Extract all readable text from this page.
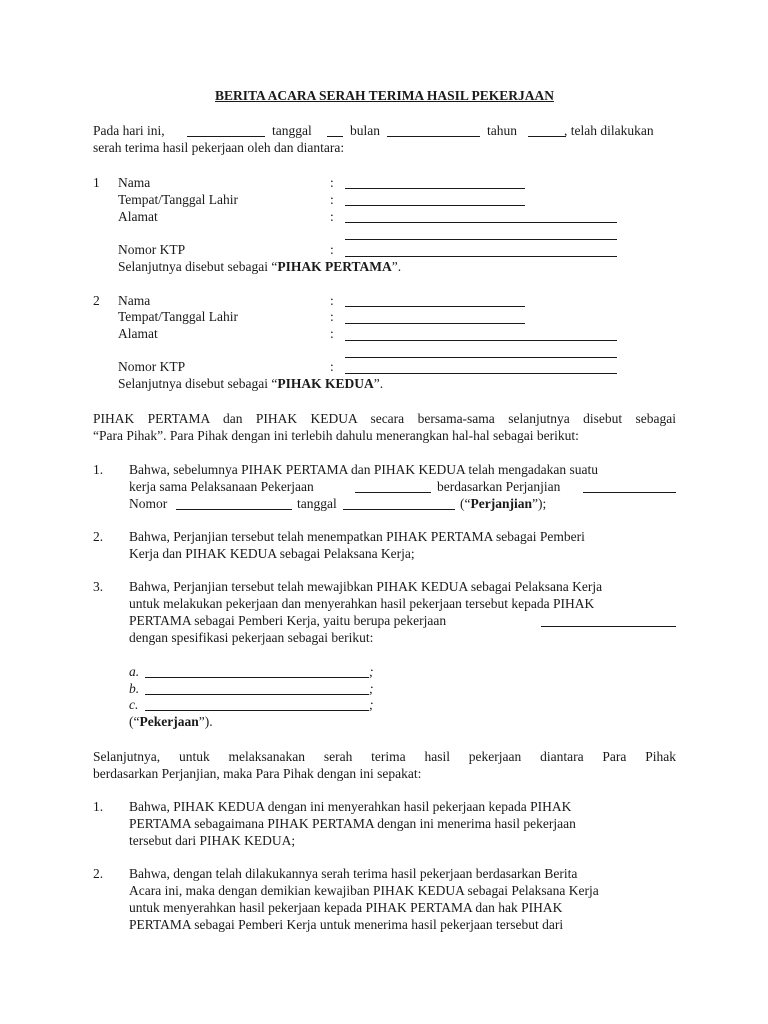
BERITA ACARA SERAH TERIMA HASIL PEKERJAAN
Pada hari ini,	tanggal	bulan	tahun	, telah dilakukan
serah terima hasil pekerjaan oleh dan diantara:
1 Nama	:
Tempat/Tanggal Lahir	:
Alamat	:
Nomor KTP	:
Selanjutnya disebut sebagai “PIHAK PERTAMA”.
2 Nama	:
Tempat/Tanggal Lahir	:
Alamat	:
Nomor KTP	:
Selanjutnya disebut sebagai “PIHAK KEDUA”.
PIHAK PERTAMA dan PIHAK KEDUA secara bersama-sama selanjutnya disebut sebagai
“Para Pihak”. Para Pihak dengan ini terlebih dahulu menerangkan hal-hal sebagai berikut:
1. Bahwa, sebelumnya PIHAK PERTAMA dan PIHAK KEDUA telah mengadakan suatu
kerja sama Pelaksanaan Pekerjaan	berdasarkan Perjanjian
Nomor	tanggal	(“Perjanjian”);
2. Bahwa, Perjanjian tersebut telah menempatkan PIHAK PERTAMA sebagai Pemberi
Kerja dan PIHAK KEDUA sebagai Pelaksana Kerja;
3. Bahwa, Perjanjian tersebut telah mewajibkan PIHAK KEDUA sebagai Pelaksana Kerja
untuk melakukan pekerjaan dan menyerahkan hasil pekerjaan tersebut kepada PIHAK
PERTAMA sebagai Pemberi Kerja, yaitu berupa pekerjaan
dengan spesifikasi pekerjaan sebagai berikut:
a.	;
b.	;
c.	;
(“Pekerjaan”).
Selanjutnya, untuk melaksanakan serah terima hasil pekerjaan diantara Para Pihak
berdasarkan Perjanjian, maka Para Pihak dengan ini sepakat:
1. Bahwa, PIHAK KEDUA dengan ini menyerahkan hasil pekerjaan kepada PIHAK
PERTAMA sebagaimana PIHAK PERTAMA dengan ini menerima hasil pekerjaan
tersebut dari PIHAK KEDUA;
2. Bahwa, dengan telah dilakukannya serah terima hasil pekerjaan berdasarkan Berita
Acara ini, maka dengan demikian kewajiban PIHAK KEDUA sebagai Pelaksana Kerja
untuk menyerahkan hasil pekerjaan kepada PIHAK PERTAMA dan hak PIHAK
PERTAMA sebagai Pemberi Kerja untuk menerima hasil pekerjaan tersebut dari
